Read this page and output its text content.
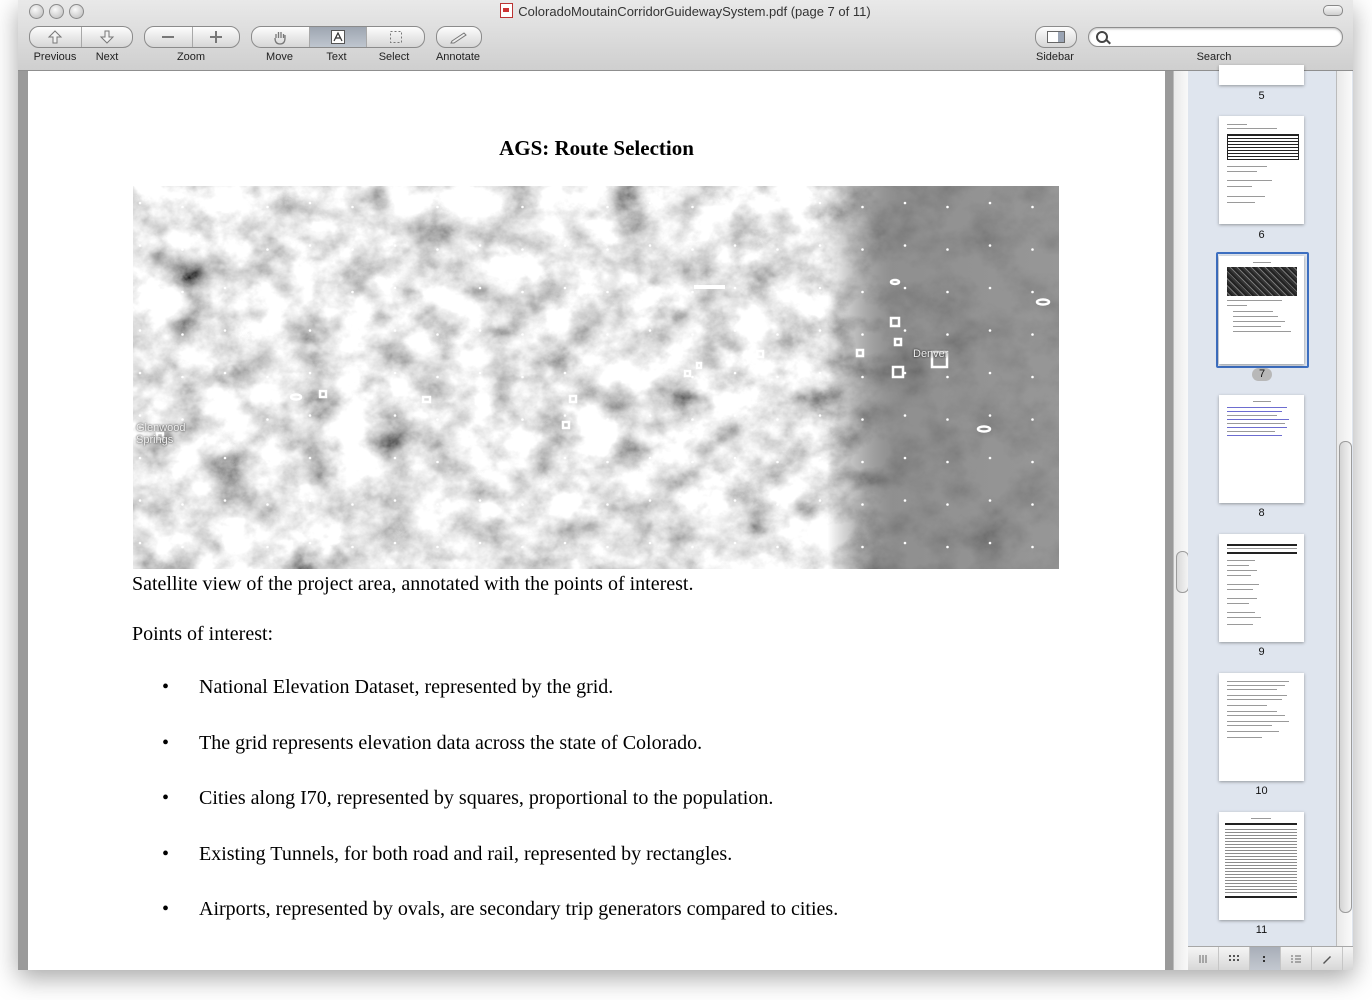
ColoradoMoutainCorridorGuidewaySystem.pdf (page 7 of 11)
Previous	Next	Zoom	Move	Text	Select	Annotate	Sidebar	Search
AGS: Route Selection
Glenwood
Springs
Denver
Satellite view of the project area, annotated with the points of interest.
Points of interest:
• National Elevation Dataset, represented by the grid.
• The grid represents elevation data across the state of Colorado.
• Cities along I70, represented by squares, proportional to the population.
• Existing Tunnels, for both road and rail, represented by rectangles.
• Airports, represented by ovals, are secondary trip generators compared to cities.
5
6
7
8
9
10
11
